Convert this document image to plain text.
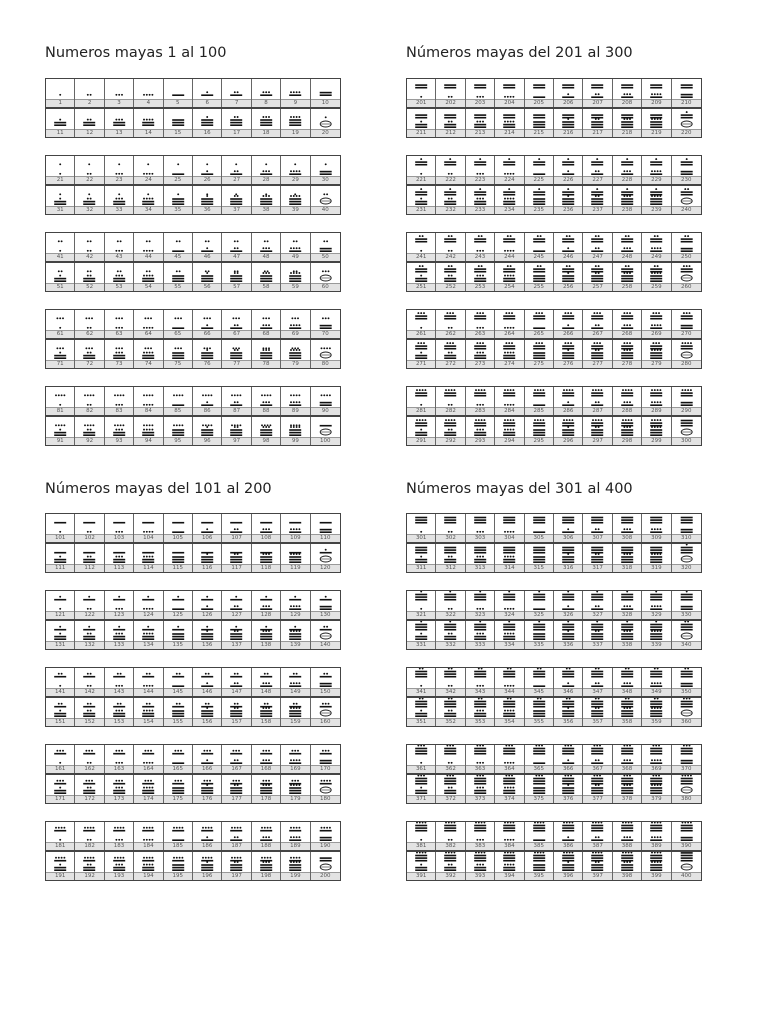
Numeros mayas 1 al 100
1	2	3	4	5	6	7	8	9	10
11	12	13	14	15	16	17	18	19	20
21	22	23	24	25	26	27	28	29	30
31	32	33	34	35	36	37	38	39	40
41	42	43	44	45	46	47	48	49	50
51	52	53	54	55	56	57	58	59	60
61	62	63	64	65	66	67	68	69	70
71	72	73	74	75	76	77	78	79	80
81	82	83	84	85	86	87	88	89	90
91	92	93	94	95	96	97	98	99	100
Números mayas del 101 al 200
101	102	103	104	105	106	107	108	109	110
111	112	113	114	115	116	117	118	119	120
121	122	123	124	125	126	127	128	129	130
131	132	133	134	135	136	137	138	139	140
141	142	143	144	145	146	147	148	149	150
151	152	153	154	155	156	157	158	159	160
161	162	163	164	165	166	167	168	169	170
171	172	173	174	175	176	177	178	179	180
181	182	183	184	185	186	187	188	189	190
191	192	193	194	195	196	197	198	199	200
Números mayas del 201 al 300
201	202	203	204	205	206	207	208	209	210
211	212	213	214	215	216	217	218	219	220
221	222	223	224	225	226	227	228	229	230
231	232	233	234	235	236	237	238	239	240
241	242	243	244	245	246	247	248	249	250
251	252	253	254	255	256	257	258	259	260
261	262	263	264	265	266	267	268	269	270
271	272	273	274	275	276	277	278	279	280
281	282	283	284	285	286	287	288	289	290
291	292	293	294	295	296	297	298	299	300
Números mayas del 301 al 400
301	302	303	304	305	306	307	308	309	310
311	312	313	314	315	316	317	318	319	320
321	322	323	324	325	326	327	328	329	330
331	332	333	334	335	336	337	338	339	340
341	342	343	344	345	346	347	348	349	350
351	352	353	354	355	356	357	358	359	360
361	362	363	364	365	366	367	368	369	370
371	372	373	374	375	376	377	378	379	380
381	382	383	384	385	386	387	388	389	390
391	392	393	394	395	396	397	398	399	400
